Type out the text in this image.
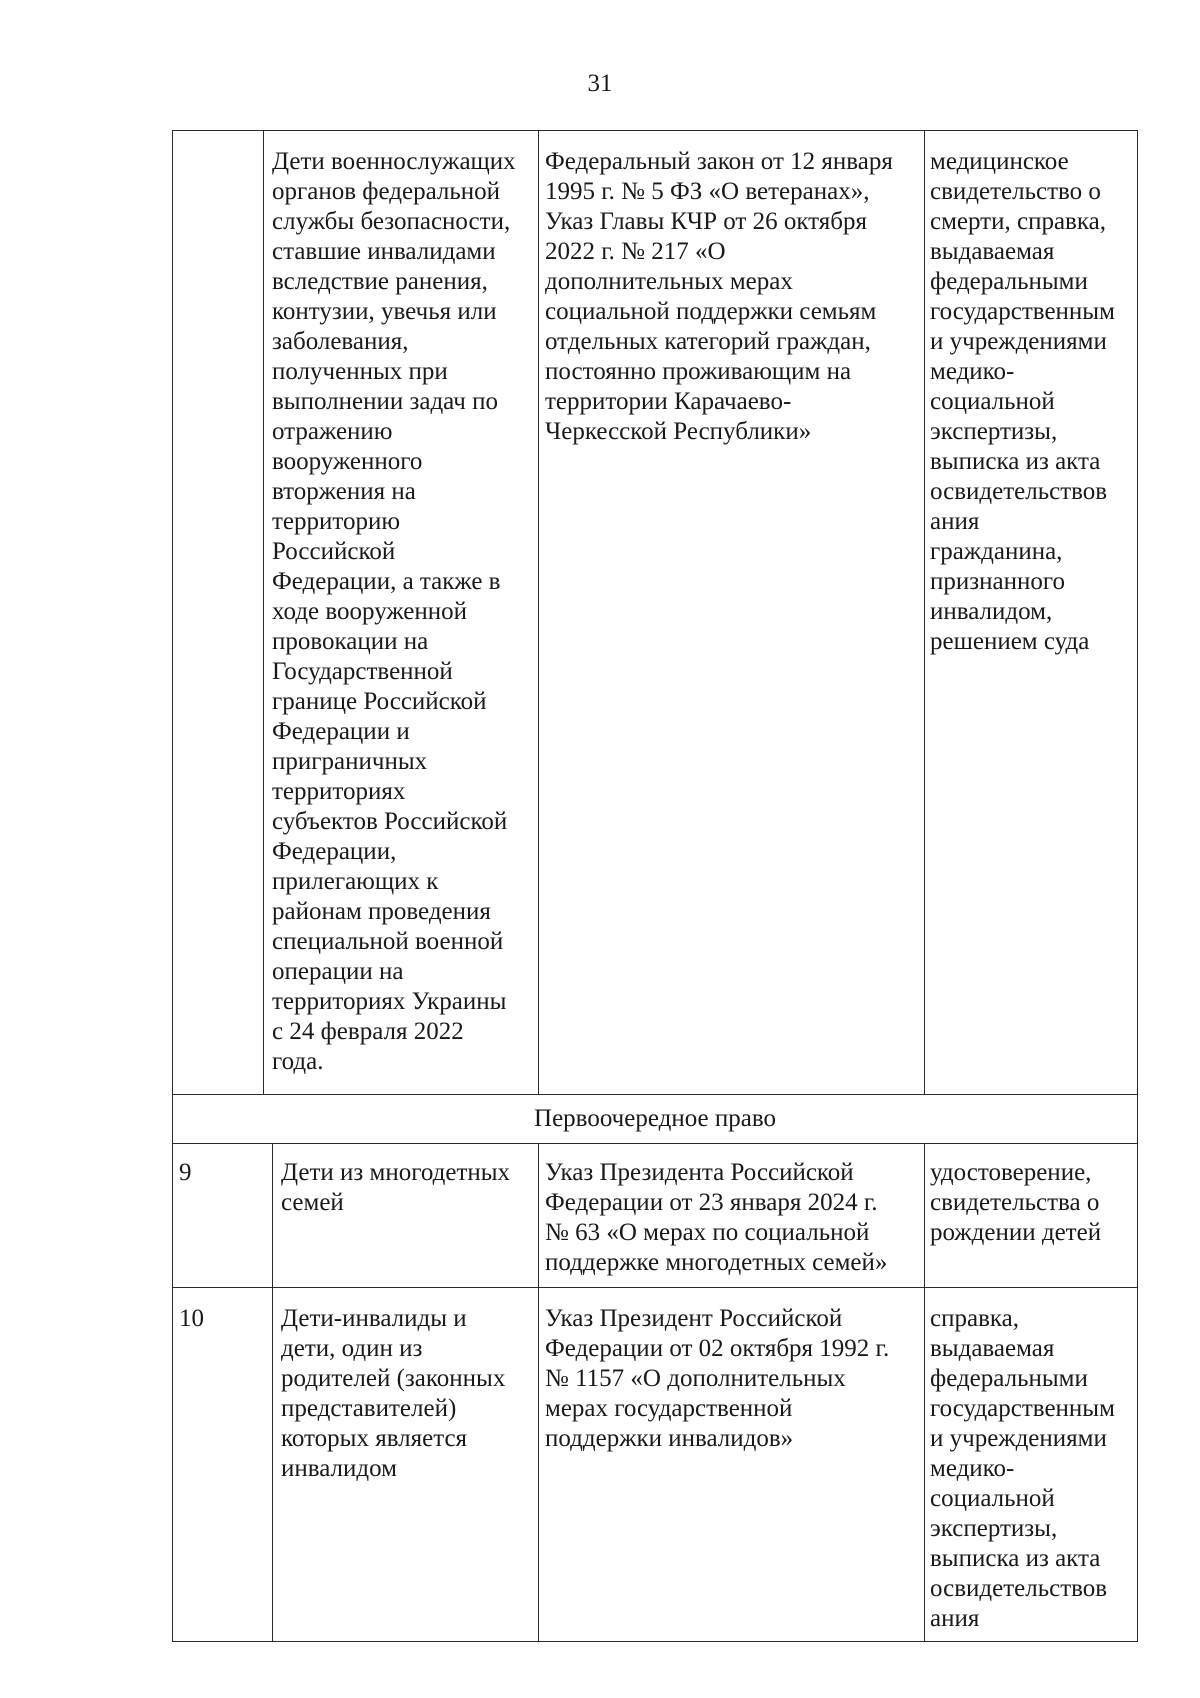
31
Дети военнослужащих
органов федеральной
службы безопасности,
ставшие инвалидами
вследствие ранения,
контузии, увечья или
заболевания,
полученных при
выполнении задач по
отражению
вооруженного
вторжения на
территорию
Российской
Федерации, а также в
ходе вооруженной
провокации на
Государственной
границе Российской
Федерации и
приграничных
территориях
субъектов Российской
Федерации,
прилегающих к
районам проведения
специальной военной
операции на
территориях Украины
с 24 февраля 2022
года.
Федеральный закон от 12 января
1995 г. № 5 ФЗ «О ветеранах»,
Указ Главы КЧР от 26 октября
2022 г. № 217 «О
дополнительных мерах
социальной поддержки семьям
отдельных категорий граждан,
постоянно проживающим на
территории Карачаево-
Черкесской Республики»
медицинское
свидетельство о
смерти, справка,
выдаваемая
федеральными
государственным
и учреждениями
медико-
социальной
экспертизы,
выписка из акта
освидетельствов
ания
гражданина,
признанного
инвалидом,
решением суда
Первоочередное право
9	Дети из многодетных
семей
Указ Президента Российской
Федерации от 23 января 2024 г.
№ 63 «О мерах по социальной
поддержке многодетных семей»
удостоверение,
свидетельства о
рождении детей
10	Дети-инвалиды и
дети, один из
родителей (законных
представителей)
которых является
инвалидом
Указ Президент Российской
Федерации от 02 октября 1992 г.
№ 1157 «О дополнительных
мерах государственной
поддержки инвалидов»
справка,
выдаваемая
федеральными
государственным
и учреждениями
медико-
социальной
экспертизы,
выписка из акта
освидетельствов
ания
